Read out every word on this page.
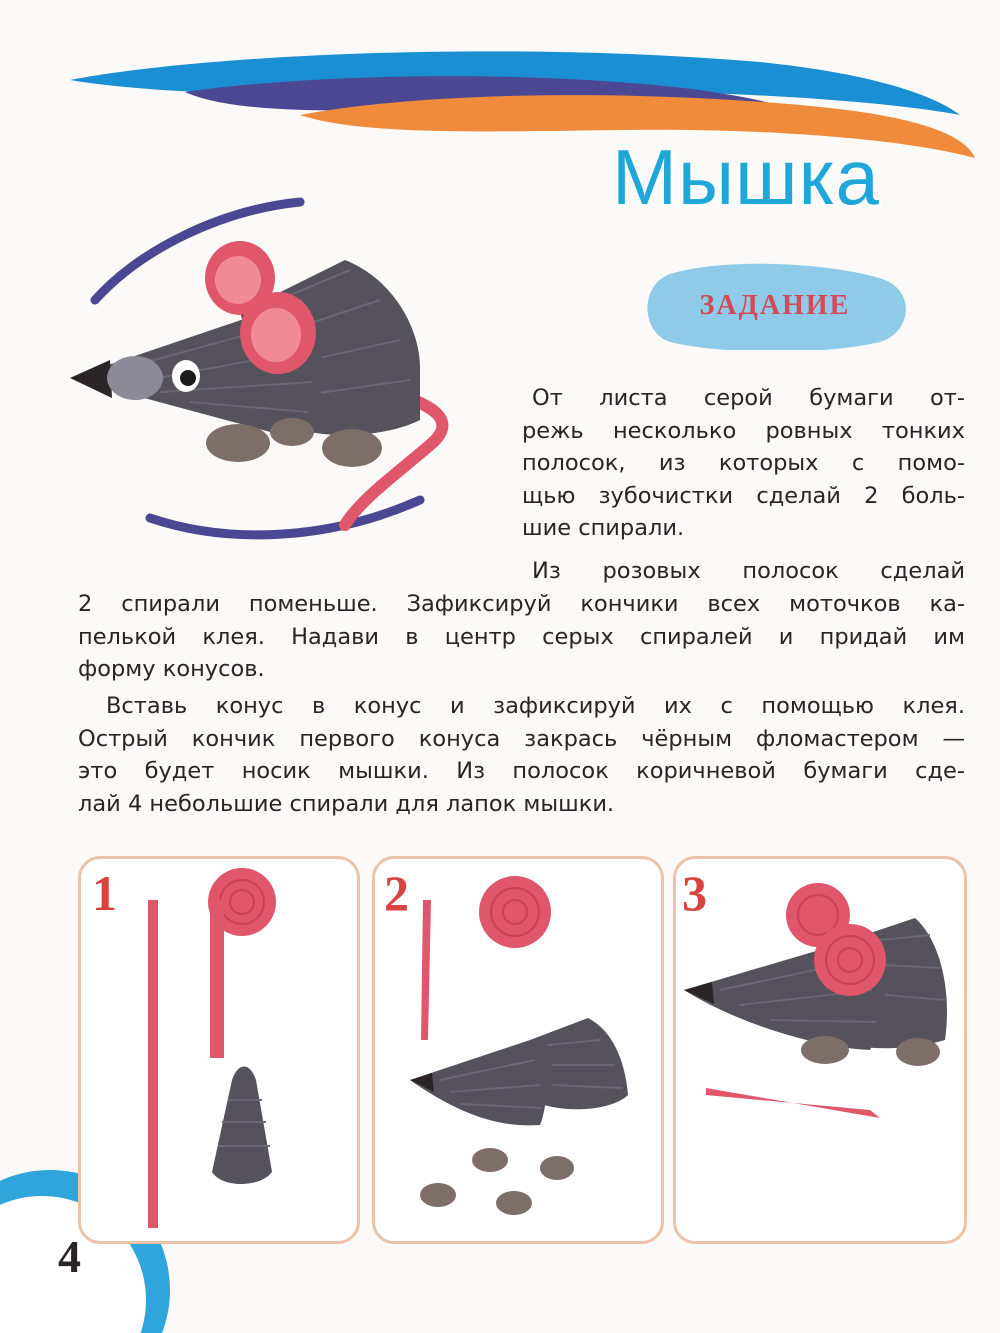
Мышка
ЗАДАНИЕ

От листа серой бумаги от-
режь несколько ровных тонких
полосок, из которых с помо-
щью зубочистки сделай 2 боль-
шие спирали.

Из розовых полосок сделай

2 спирали поменьше. Зафиксируй кончики всех моточков ка-
пелькой клея. Надави в центр серых спиралей и придай им
форму конусов.

Вставь конус в конус и зафиксируй их с помощью клея.
Острый кончик первого конуса закрась чёрным фломастером —
это будет носик мышки. Из полосок коричневой бумаги сде-
лай 4 небольшие спирали для лапок мышки.

1	2	3
4
